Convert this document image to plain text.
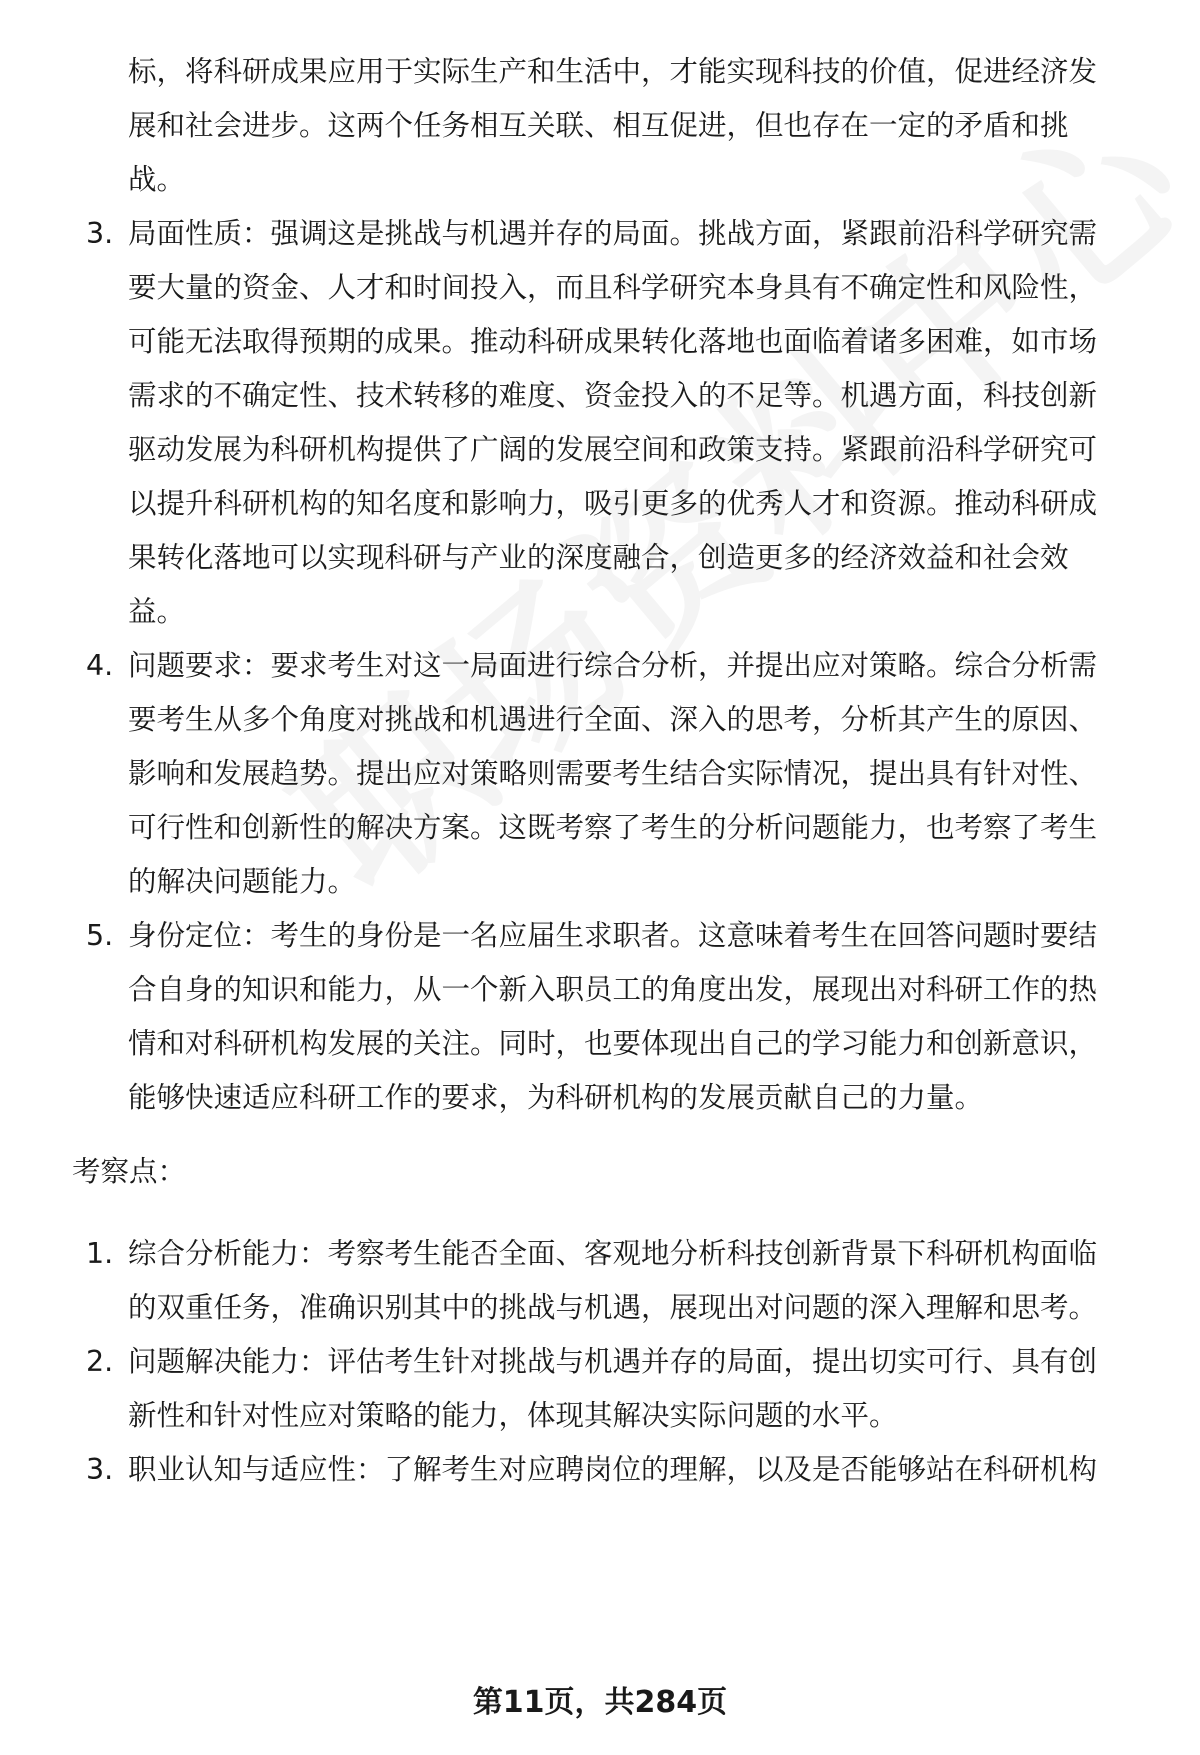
标，将科研成果应用于实际生产和生活中，才能实现科技的价值，促进经济发
展和社会进步。这两个任务相互关联、相互促进，但也存在一定的矛盾和挑
战。
3. 局面性质：强调这是挑战与机遇并存的局面。挑战方面，紧跟前沿科学研究需
要大量的资金、人才和时间投入，而且科学研究本身具有不确定性和风险性，
可能无法取得预期的成果。推动科研成果转化落地也面临着诸多困难，如市场
需求的不确定性、技术转移的难度、资金投入的不足等。机遇方面，科技创新
驱动发展为科研机构提供了广阔的发展空间和政策支持。紧跟前沿科学研究可
以提升科研机构的知名度和影响力，吸引更多的优秀人才和资源。推动科研成
果转化落地可以实现科研与产业的深度融合，创造更多的经济效益和社会效
益。
4. 问题要求：要求考生对这一局面进行综合分析，并提出应对策略。综合分析需
要考生从多个角度对挑战和机遇进行全面、深入的思考，分析其产生的原因、
影响和发展趋势。提出应对策略则需要考生结合实际情况，提出具有针对性、
可行性和创新性的解决方案。这既考察了考生的分析问题能力，也考察了考生
的解决问题能力。
5. 身份定位：考生的身份是一名应届生求职者。这意味着考生在回答问题时要结
合自身的知识和能力，从一个新入职员工的角度出发，展现出对科研工作的热
情和对科研机构发展的关注。同时，也要体现出自己的学习能力和创新意识，
能够快速适应科研工作的要求，为科研机构的发展贡献自己的力量。
考察点：
1. 综合分析能力：考察考生能否全面、客观地分析科技创新背景下科研机构面临
的双重任务，准确识别其中的挑战与机遇，展现出对问题的深入理解和思考。
2. 问题解决能力：评估考生针对挑战与机遇并存的局面，提出切实可行、具有创
新性和针对性应对策略的能力，体现其解决实际问题的水平。
3. 职业认知与适应性：了解考生对应聘岗位的理解，以及是否能够站在科研机构
第11页，共284页
